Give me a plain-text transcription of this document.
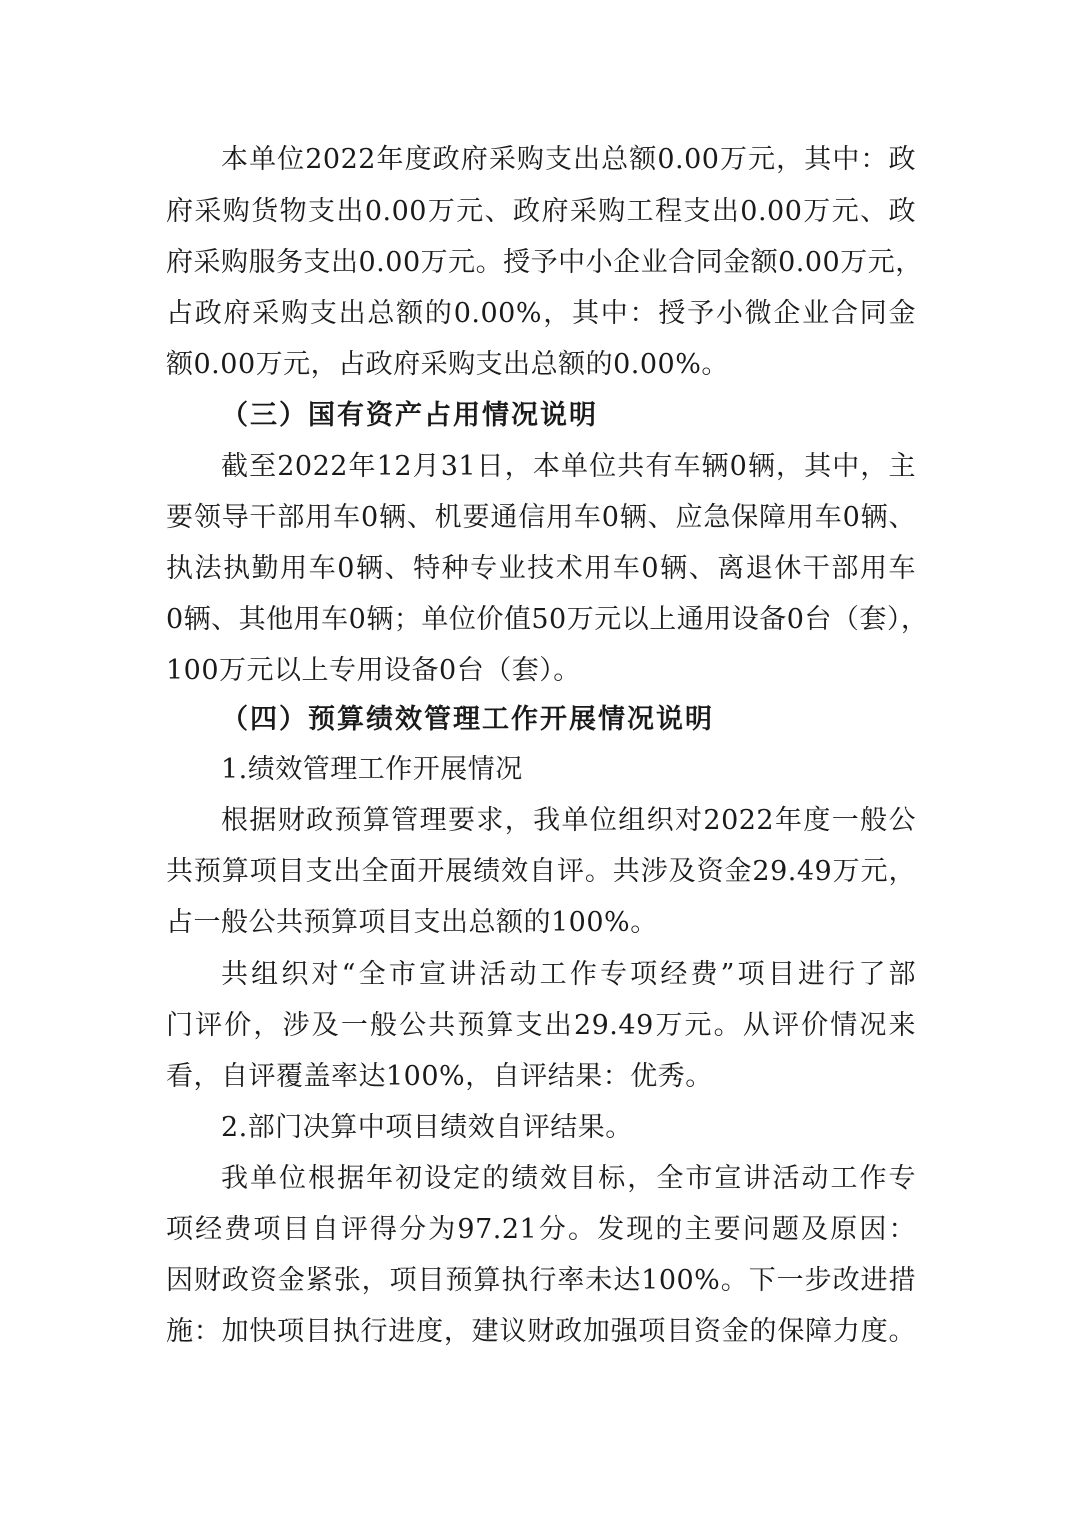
本单位2022年度政府采购支出总额0.00万元，其中：政
府采购货物支出0.00万元、政府采购工程支出0.00万元、政
府采购服务支出0.00万元。授予中小企业合同金额0.00万元，
占政府采购支出总额的0.00%，其中：授予小微企业合同金
额0.00万元，占政府采购支出总额的0.00%。
（三）国有资产占用情况说明
截至2022年12月31日，本单位共有车辆0辆，其中，主
要领导干部用车0辆、机要通信用车0辆、应急保障用车0辆、
执法执勤用车0辆、特种专业技术用车0辆、离退休干部用车
0辆、其他用车0辆；单位价值50万元以上通用设备0台（套），
100万元以上专用设备0台（套）。
（四）预算绩效管理工作开展情况说明
1.绩效管理工作开展情况
根据财政预算管理要求，我单位组织对2022年度一般公
共预算项目支出全面开展绩效自评。共涉及资金29.49万元，
占一般公共预算项目支出总额的100%。
共组织对“全市宣讲活动工作专项经费”项目进行了部
门评价，涉及一般公共预算支出29.49万元。从评价情况来
看，自评覆盖率达100%，自评结果：优秀。
2.部门决算中项目绩效自评结果。
我单位根据年初设定的绩效目标，全市宣讲活动工作专
项经费项目自评得分为97.21分。发现的主要问题及原因：
因财政资金紧张，项目预算执行率未达100%。下一步改进措
施：加快项目执行进度，建议财政加强项目资金的保障力度。
